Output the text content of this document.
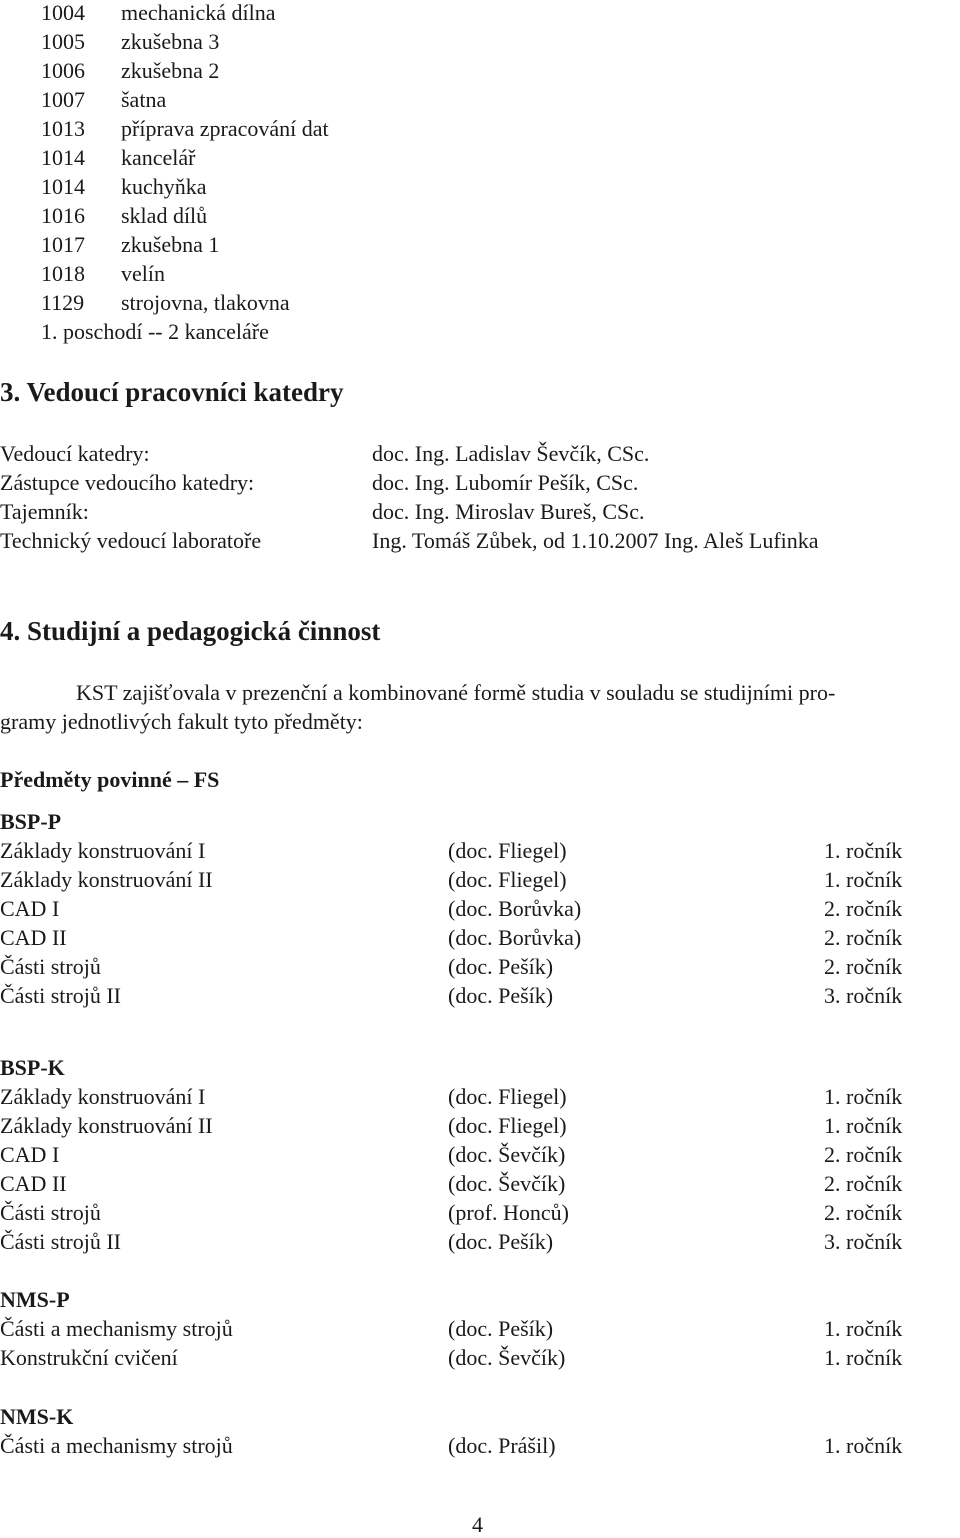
1004 mechanická dílna
1005 zkušebna 3
1006 zkušebna 2
1007 šatna
1013 příprava zpracování dat
1014 kancelář
1014 kuchyňka
1016 sklad dílů
1017 zkušebna 1
1018 velín
1129 strojovna, tlakovna
1. poschodí -- 2 kanceláře
3. Vedoucí pracovníci katedry
Vedoucí katedry:	doc. Ing. Ladislav Ševčík, CSc.
Zástupce vedoucího katedry:	doc. Ing. Lubomír Pešík, CSc.
Tajemník:	doc. Ing. Miroslav Bureš, CSc.
Technický vedoucí laboratoře	Ing. Tomáš Zůbek, od 1.10.2007 Ing. Aleš Lufinka
4. Studijní a pedagogická činnost
KST zajišťovala v prezenční a kombinované formě studia v souladu se studijními pro-
gramy jednotlivých fakult tyto předměty:
Předměty povinné – FS
BSP-P
Základy konstruování I	(doc. Fliegel)	1. ročník
Základy konstruování II	(doc. Fliegel)	1. ročník
CAD I	(doc. Borůvka)	2. ročník
CAD II	(doc. Borůvka)	2. ročník
Části strojů	(doc. Pešík)	2. ročník
Části strojů II	(doc. Pešík)	3. ročník
BSP-K
Základy konstruování I	(doc. Fliegel)	1. ročník
Základy konstruování II	(doc. Fliegel)	1. ročník
CAD I	(doc. Ševčík)	2. ročník
CAD II	(doc. Ševčík)	2. ročník
Části strojů	(prof. Honců)	2. ročník
Části strojů II	(doc. Pešík)	3. ročník
NMS-P
Části a mechanismy strojů	(doc. Pešík)	1. ročník
Konstrukční cvičení	(doc. Ševčík)	1. ročník
NMS-K
Části a mechanismy strojů	(doc. Prášil)	1. ročník
4
